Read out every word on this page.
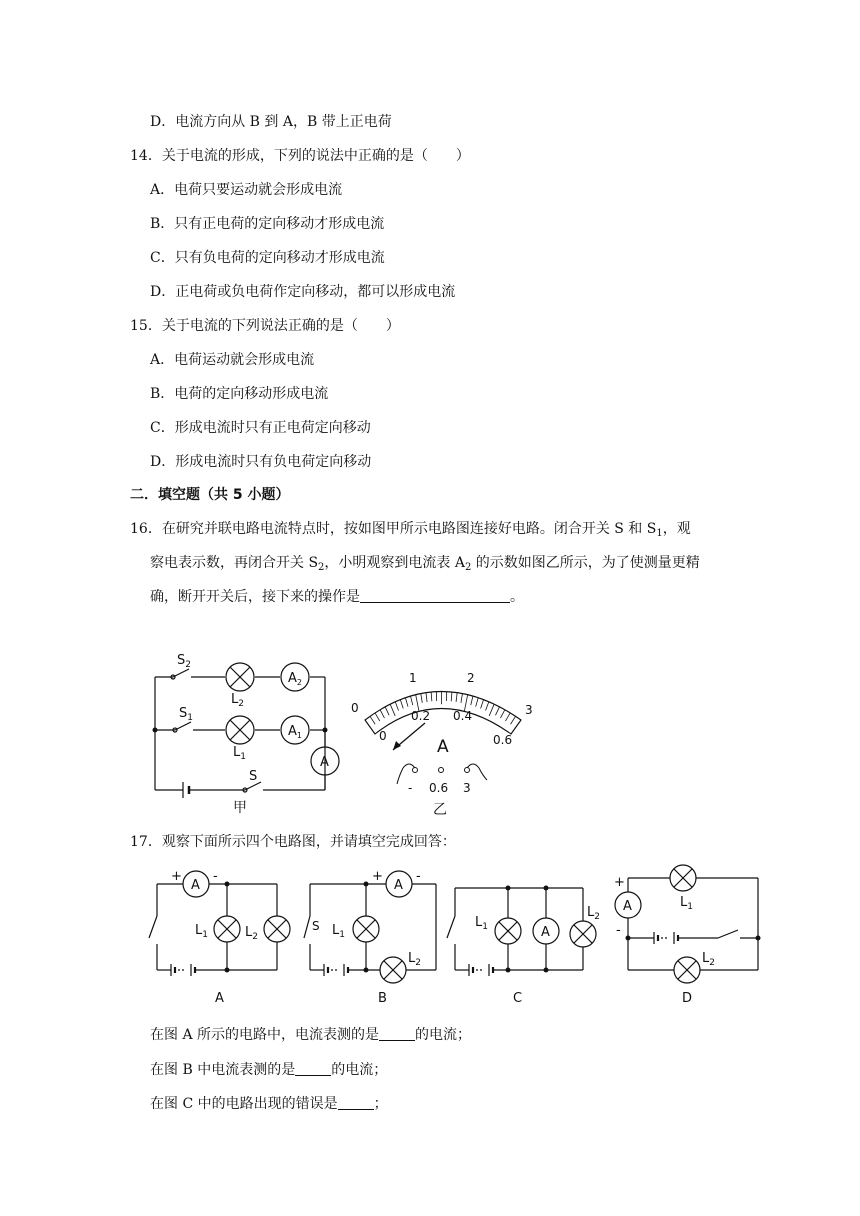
D．电流方向从 B 到 A，B 带上正电荷
14．关于电流的形成，下列的说法中正确的是（　　）
A．电荷只要运动就会形成电流
B．只有正电荷的定向移动才形成电流
C．只有负电荷的定向移动才形成电流
D．正电荷或负电荷作定向移动，都可以形成电流
15．关于电流的下列说法正确的是（　　）
A．电荷运动就会形成电流
B．电荷的定向移动形成电流
C．形成电流时只有正电荷定向移动
D．形成电流时只有负电荷定向移动
二．填空题（共 5 小题）
16．在研究并联电路电流特点时，按如图甲所示电路图连接好电路。闭合开关 S 和 $S_1$，观
察电表示数，再闭合开关 $S_2$，小明观察到电流表 $A_2$ 的示数如图乙所示，为了使测量更精
确，断开开关后，接下来的操作是	。
$S_2$
$S_1$
S
$L_2$
$L_1$
$A_2$
$A_1$
A
甲
0
1	2
3
0
0.2 0.4
0.6
A
- 0.6 3
乙
17．观察下面所示四个电路图，并请填空完成回答：
A
+ -
$L_1$	$L_2$
A
A
+	-
S $L_1$
$L_2$
B
A
$L_1$
$L_2$
C
A
+
-
$L_1$
$L_2$
D
在图 A 所示的电路中，电流表测的是	的电流；
在图 B 中电流表测的是	的电流；
在图 C 中的电路出现的错误是	；
